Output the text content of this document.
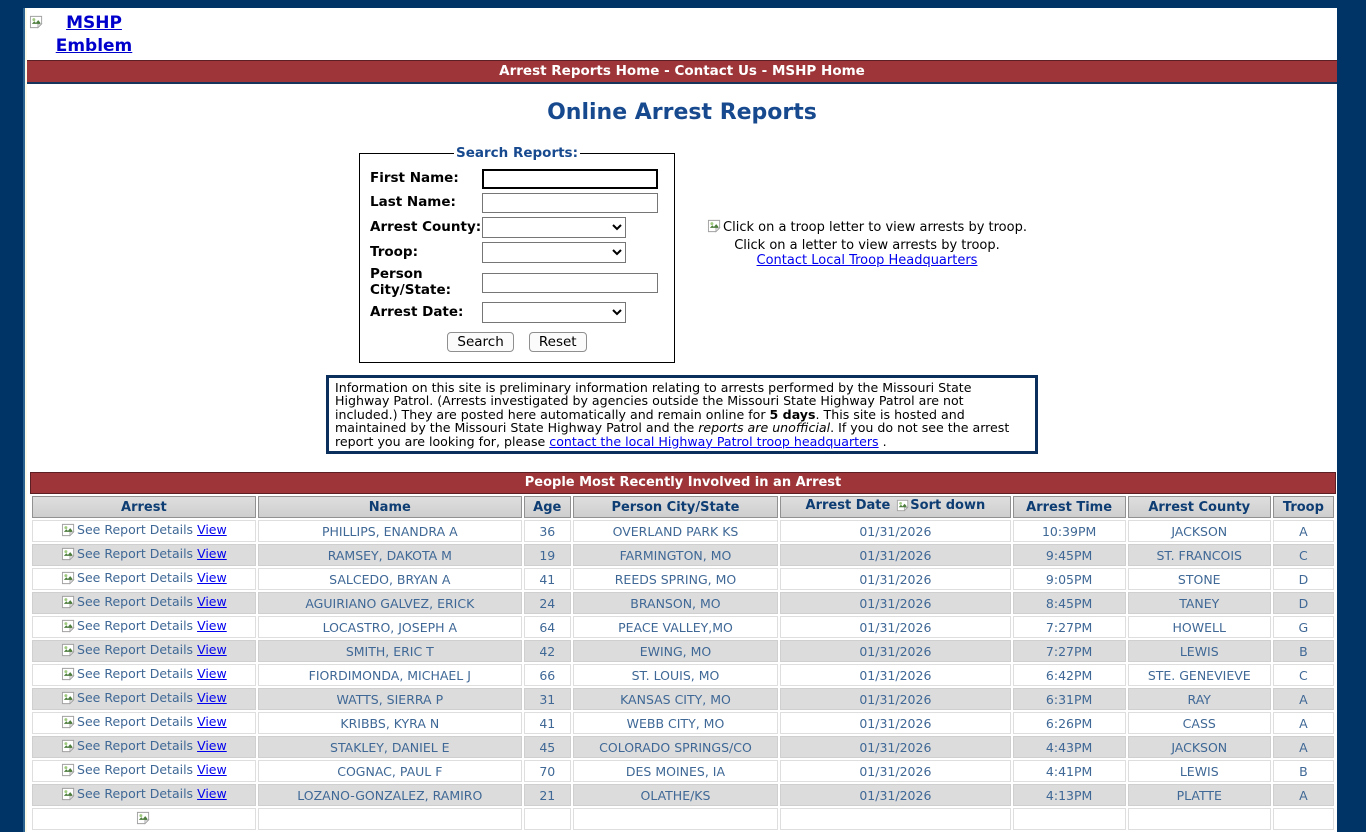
MSHP Emblem
Arrest Reports Home - Contact Us - MSHP Home
Online Arrest Reports
Search Reports:
First Name:
Last Name:
Arrest County:
Troop:
Person City/State:
Arrest Date:
Search	Reset
Click on a troop letter to view arrests by troop.
Click on a letter to view arrests by troop.
Contact Local Troop Headquarters
Information on this site is preliminary information relating to arrests performed by the Missouri State Highway Patrol. (Arrests investigated by agencies outside the Missouri State Highway Patrol are not included.) They are posted here automatically and remain online for 5 days. This site is hosted and maintained by the Missouri State Highway Patrol and the reports are unofficial. If you do not see the arrest report you are looking for, please contact the local Highway Patrol troop headquarters .
People Most Recently Involved in an Arrest
Arrest	Name	Age	Person City/State	Arrest Date Sort down	Arrest Time	Arrest County	Troop
See Report Details View	PHILLIPS, ENANDRA A	36	OVERLAND PARK KS	01/31/2026	10:39PM	JACKSON	A
See Report Details View	RAMSEY, DAKOTA M	19	FARMINGTON, MO	01/31/2026	9:45PM	ST. FRANCOIS	C
See Report Details View	SALCEDO, BRYAN A	41	REEDS SPRING, MO	01/31/2026	9:05PM	STONE	D
See Report Details View	AGUIRIANO GALVEZ, ERICK	24	BRANSON, MO	01/31/2026	8:45PM	TANEY	D
See Report Details View	LOCASTRO, JOSEPH A	64	PEACE VALLEY,MO	01/31/2026	7:27PM	HOWELL	G
See Report Details View	SMITH, ERIC T	42	EWING, MO	01/31/2026	7:27PM	LEWIS	B
See Report Details View	FIORDIMONDA, MICHAEL J	66	ST. LOUIS, MO	01/31/2026	6:42PM	STE. GENEVIEVE	C
See Report Details View	WATTS, SIERRA P	31	KANSAS CITY, MO	01/31/2026	6:31PM	RAY	A
See Report Details View	KRIBBS, KYRA N	41	WEBB CITY, MO	01/31/2026	6:26PM	CASS	A
See Report Details View	STAKLEY, DANIEL E	45	COLORADO SPRINGS/CO	01/31/2026	4:43PM	JACKSON	A
See Report Details View	COGNAC, PAUL F	70	DES MOINES, IA	01/31/2026	4:41PM	LEWIS	B
See Report Details View	LOZANO-GONZALEZ, RAMIRO	21	OLATHE/KS	01/31/2026	4:13PM	PLATTE	A
